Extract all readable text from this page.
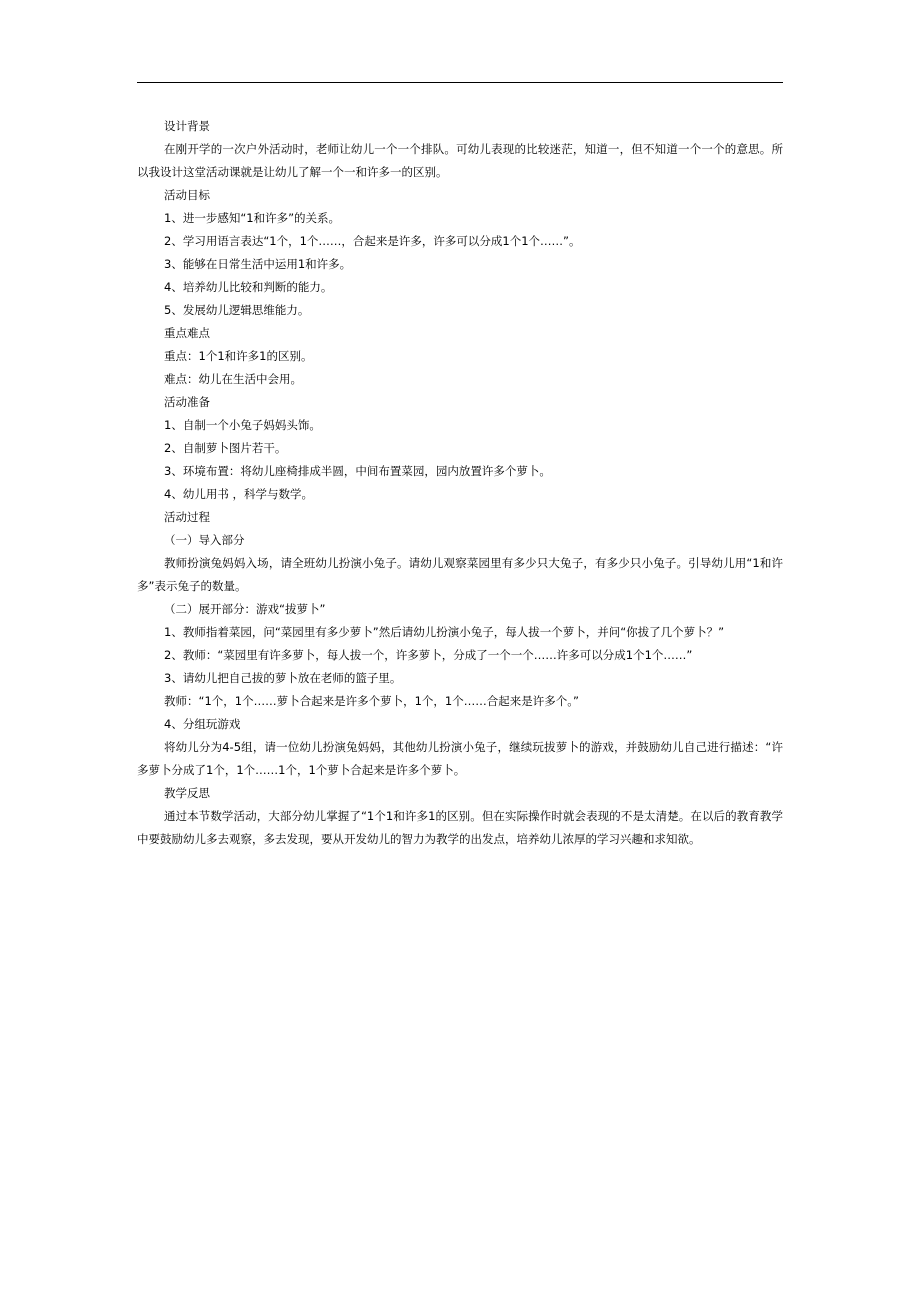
设计背景

在刚开学的一次户外活动时，老师让幼儿一个一个排队。可幼儿表现的比较迷茫，知道一，但不知道一个一个的意思。所以我设计这堂活动课就是让幼儿了解一个一和许多一的区别。

活动目标

1、进一步感知“1和许多”的关系。

2、学习用语言表达“1个，1个……，合起来是许多，许多可以分成1个1个……”。

3、能够在日常生活中运用1和许多。

4、培养幼儿比较和判断的能力。

5、发展幼儿逻辑思维能力。

重点难点

重点：1个1和许多1的区别。

难点：幼儿在生活中会用。

活动准备

1、自制一个小兔子妈妈头饰。

2、自制萝卜图片若干。

3、环境布置：将幼儿座椅排成半圆，中间布置菜园，园内放置许多个萝卜。

4、幼儿用书 ，科学与数学。

活动过程

（一）导入部分

教师扮演兔妈妈入场，请全班幼儿扮演小兔子。请幼儿观察菜园里有多少只大兔子，有多少只小兔子。引导幼儿用“1和许多”表示兔子的数量。

（二）展开部分：游戏“拔萝卜”

1、教师指着菜园，问“菜园里有多少萝卜”然后请幼儿扮演小兔子，每人拔一个萝卜，并问“你拔了几个萝卜？”

2、教师：“菜园里有许多萝卜，每人拔一个，许多萝卜，分成了一个一个……许多可以分成1个1个……”

3、请幼儿把自己拔的萝卜放在老师的篮子里。

教师：“1个，1个……萝卜合起来是许多个萝卜，1个，1个……合起来是许多个。”

4、分组玩游戏

将幼儿分为4-5组，请一位幼儿扮演兔妈妈，其他幼儿扮演小兔子，继续玩拔萝卜的游戏，并鼓励幼儿自己进行描述：“许多萝卜分成了1个，1个……1个，1个萝卜合起来是许多个萝卜。

教学反思

通过本节数学活动，大部分幼儿掌握了“1个1和许多1的区别。但在实际操作时就会表现的不是太清楚。在以后的教育教学中要鼓励幼儿多去观察，多去发现，要从开发幼儿的智力为教学的出发点，培养幼儿浓厚的学习兴趣和求知欲。
